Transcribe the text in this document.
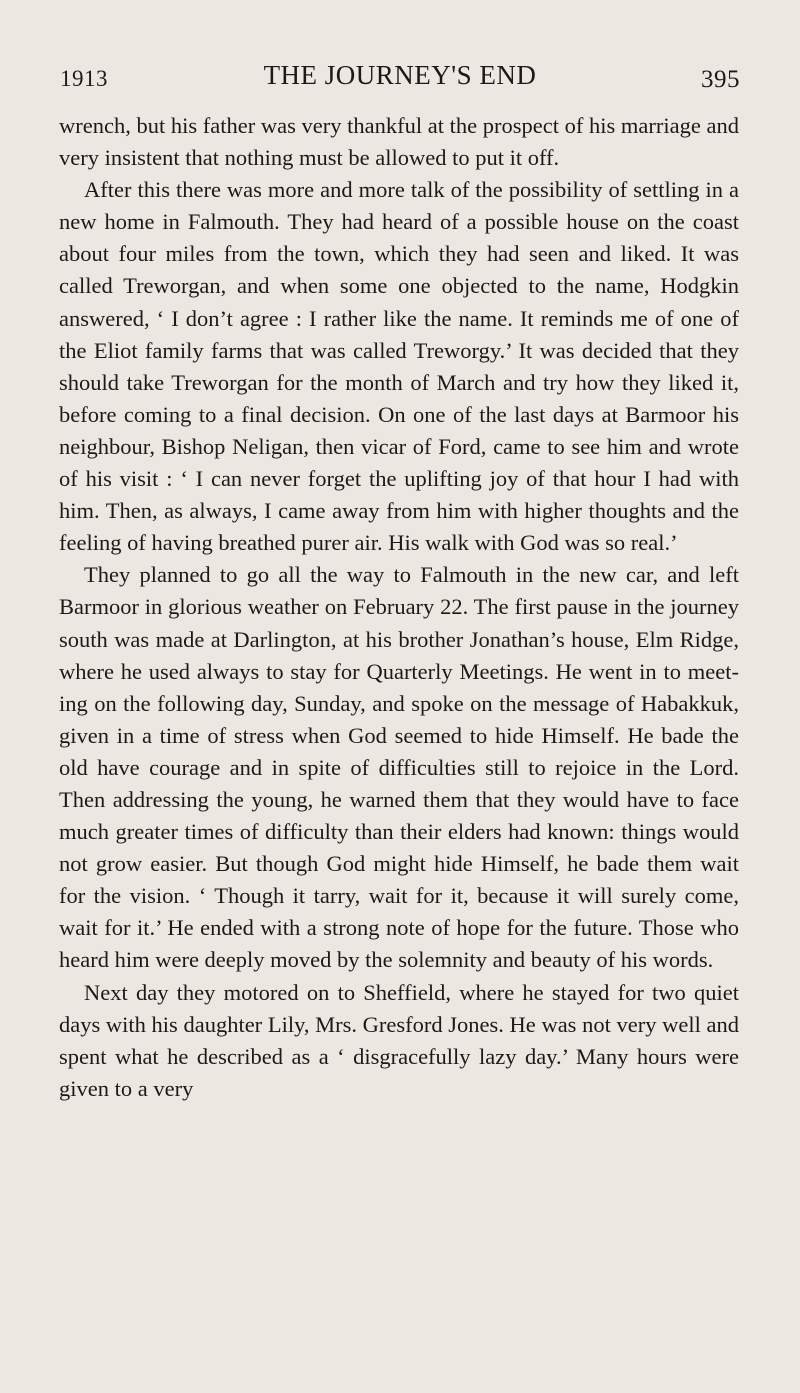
1913	THE JOURNEY'S END	395

wrench, but his father was very thankful at the prospect of his marriage and very insistent that nothing must be allowed to put it off.

After this there was more and more talk of the possibility of settling in a new home in Falmouth. They had heard of a possible house on the coast about four miles from the town, which they had seen and liked. It was called Treworgan, and when some one objected to the name, Hodgkin answered, ‘ I don’t agree : I rather like the name. It reminds me of one of the Eliot family farms that was called Treworgy.’ It was decided that they should take Treworgan for the month of March and try how they liked it, before coming to a final decision. On one of the last days at Barmoor his neighbour, Bishop Neligan, then vicar of Ford, came to see him and wrote of his visit : ‘ I can never forget the uplifting joy of that hour I had with him. Then, as always, I came away from him with higher thoughts and the feeling of having breathed purer air. His walk with God was so real.’

They planned to go all the way to Falmouth in the new car, and left Barmoor in glorious weather on February 22. The first pause in the journey south was made at Darlington, at his brother Jonathan’s house, Elm Ridge, where he used always to stay for Quarterly Meetings. He went in to meeting on the following day, Sunday, and spoke on the message of Habakkuk, given in a time of stress when God seemed to hide Himself. He bade the old have courage and in spite of difficulties still to rejoice in the Lord. Then addressing the young, he warned them that they would have to face much greater times of difficulty than their elders had known: things would not grow easier. But though God might hide Himself, he bade them wait for the vision. ‘ Though it tarry, wait for it, because it will surely come, wait for it.’ He ended with a strong note of hope for the future. Those who heard him were deeply moved by the solemnity and beauty of his words.

Next day they motored on to Sheffield, where he stayed for two quiet days with his daughter Lily, Mrs. Gresford Jones. He was not very well and spent what he described as a ‘ disgracefully lazy day.’ Many hours were given to a very
